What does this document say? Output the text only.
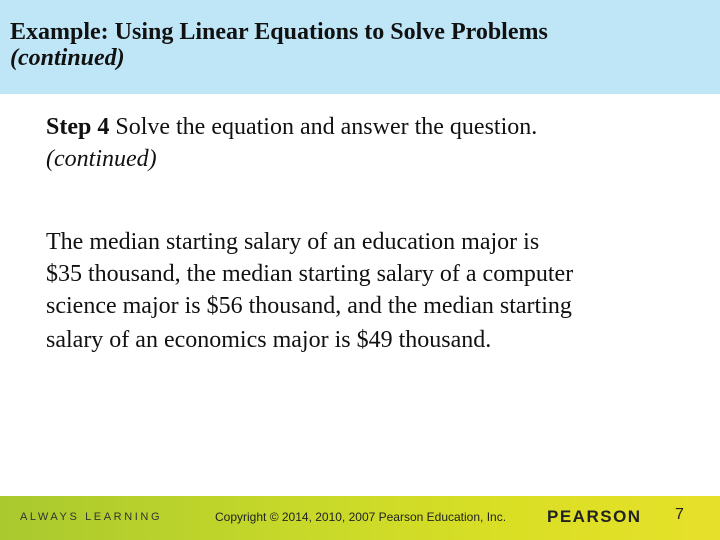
Example: Using Linear Equations to Solve Problems
(continued)
Step 4 Solve the equation and answer the question.
(continued)
The median starting salary of an education major is
$35 thousand, the median starting salary of a computer
science major is $56 thousand, and the median starting
salary of an economics major is $49 thousand.
ALWAYS LEARNING	Copyright © 2014, 2010, 2007 Pearson Education, Inc. PEARSON 7
